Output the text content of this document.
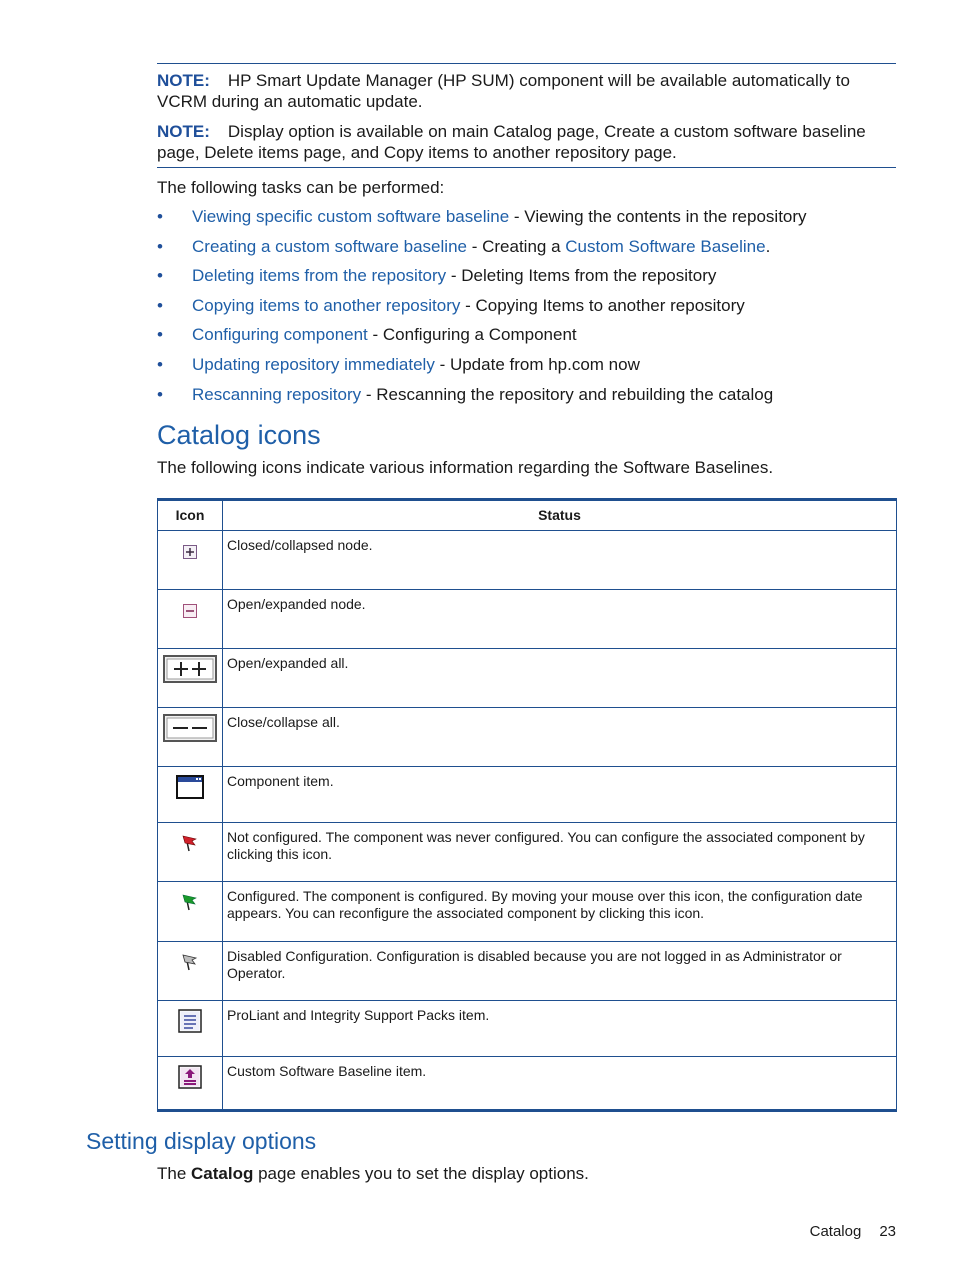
NOTE: HP Smart Update Manager (HP SUM) component will be available automatically to VCRM during an automatic update.

NOTE: Display option is available on main Catalog page, Create a custom software baseline page, Delete items page, and Copy items to another repository page.

The following tasks can be performed:
• Viewing specific custom software baseline - Viewing the contents in the repository
• Creating a custom software baseline - Creating a Custom Software Baseline.
• Deleting items from the repository - Deleting Items from the repository
• Copying items to another repository - Copying Items to another repository
• Configuring component - Configuring a Component
• Updating repository immediately - Update from hp.com now
• Rescanning repository - Rescanning the repository and rebuilding the catalog
Catalog icons
The following icons indicate various information regarding the Software Baselines.
Icon	Status

	Closed/collapsed node.

	Open/expanded node.

	Open/expanded all.

	Close/collapse all.

	Component item.

	Not configured. The component was never configured. You can configure the associated component by clicking this icon.

	Configured. The component is configured. By moving your mouse over this icon, the configuration date appears. You can reconfigure the associated component by clicking this icon.

	Disabled Configuration. Configuration is disabled because you are not logged in as Administrator or Operator.

	ProLiant and Integrity Support Packs item.

	Custom Software Baseline item.
Setting display options
The Catalog page enables you to set the display options.
Catalog 23
